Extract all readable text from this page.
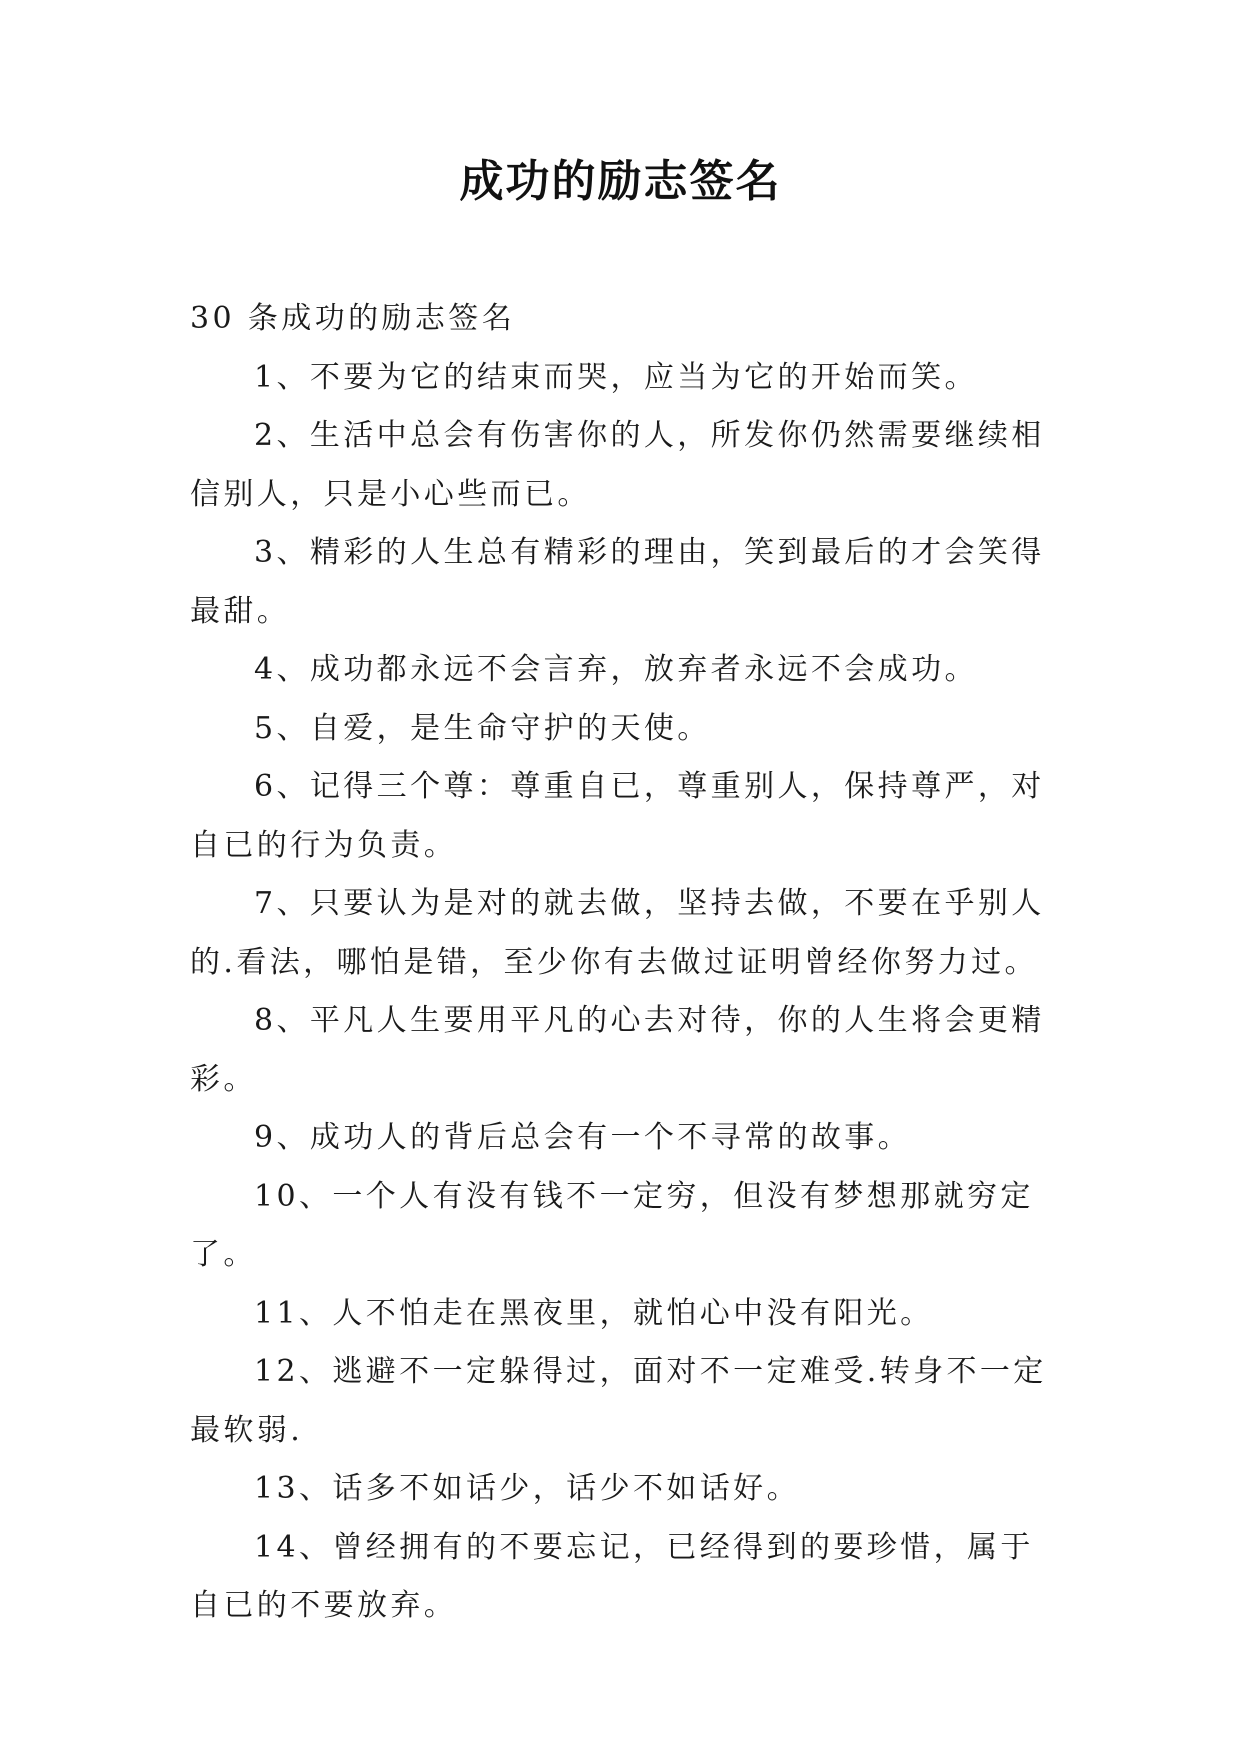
成功的励志签名

30 条成功的励志签名

1、不要为它的结束而哭，应当为它的开始而笑。

2、生活中总会有伤害你的人，所发你仍然需要继续相信别人，只是小心些而已。

3、精彩的人生总有精彩的理由，笑到最后的才会笑得最甜。

4、成功都永远不会言弃，放弃者永远不会成功。

5、自爱，是生命守护的天使。

6、记得三个尊：尊重自已，尊重别人，保持尊严，对自已的行为负责。

7、只要认为是对的就去做，坚持去做，不要在乎别人的.看法，哪怕是错，至少你有去做过证明曾经你努力过。

8、平凡人生要用平凡的心去对待，你的人生将会更精彩。

9、成功人的背后总会有一个不寻常的故事。

10、一个人有没有钱不一定穷，但没有梦想那就穷定了。

11、人不怕走在黑夜里，就怕心中没有阳光。

12、逃避不一定躲得过，面对不一定难受.转身不一定最软弱.

13、话多不如话少，话少不如话好。

14、曾经拥有的不要忘记，已经得到的要珍惜，属于自已的不要放弃。
